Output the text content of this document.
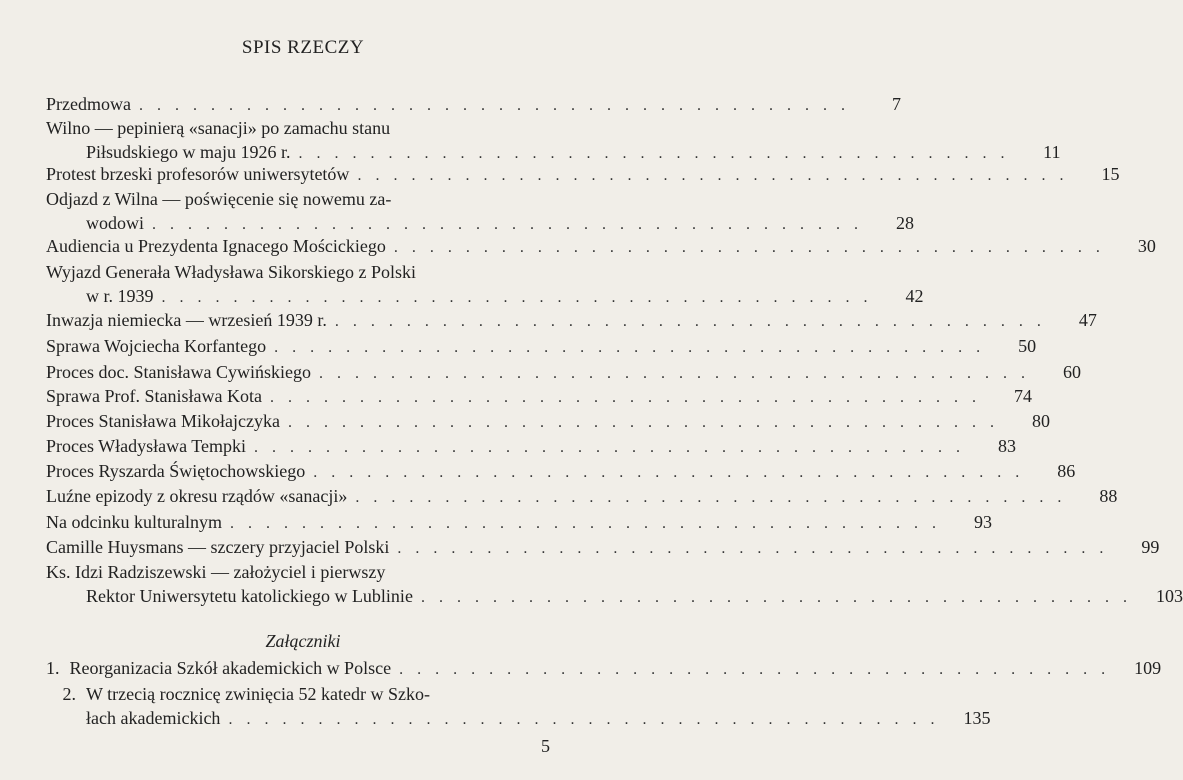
SPIS RZECZY
Przedmowa ........................................	7
Wilno — pepinierą «sanacji» po zamachu stanu
Piłsudskiego w maju 1926 r. ........................................	11
Protest brzeski profesorów uniwersytetów ........................................	15
Odjazd z Wilna — poświęcenie się nowemu za-
wodowi ........................................	28
Audiencia u Prezydenta Ignacego Mościckiego ........................................	30
Wyjazd Generała Władysława Sikorskiego z Polski
w r. 1939 ........................................	42
Inwazja niemiecka — wrzesień 1939 r. ........................................	47
Sprawa Wojciecha Korfantego ........................................	50
Proces doc. Stanisława Cywińskiego ........................................	60
Sprawa Prof. Stanisława Kota ........................................	74
Proces Stanisława Mikołajczyka ........................................	80
Proces Władysława Tempki ........................................	83
Proces Ryszarda Świętochowskiego ........................................	86
Luźne epizody z okresu rządów «sanacji» ........................................	88
Na odcinku kulturalnym ........................................	93
Camille Huysmans — szczery przyjaciel Polski ........................................	99
Ks. Idzi Radziszewski — założyciel i pierwszy
Rektor Uniwersytetu katolickiego w Lublinie ........................................ 103
Załączniki
1. Reorganizacia Szkół akademickich w Polsce ........................................ 109
2. W trzecią rocznicę zwinięcia 52 katedr w Szko-
łach akademickich ........................................ 135
5
